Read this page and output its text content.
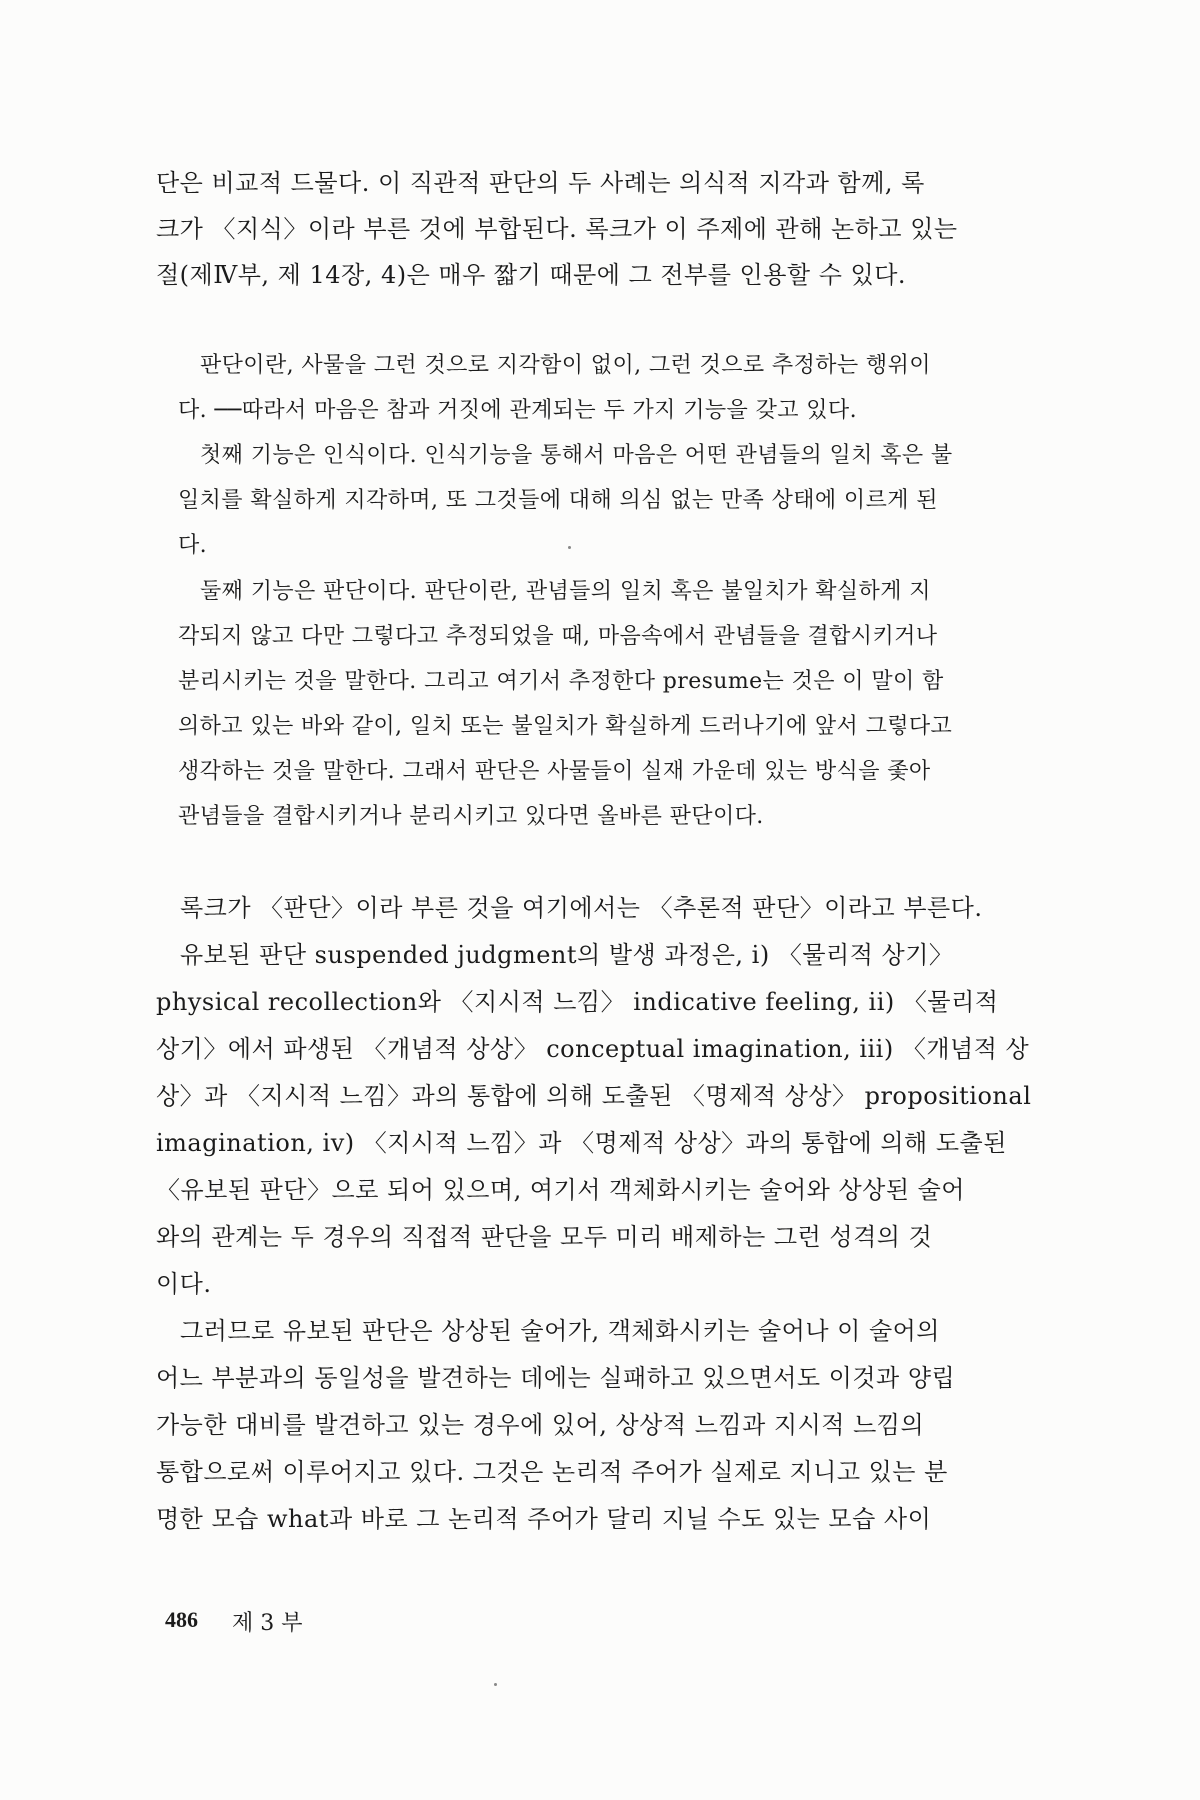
단은 비교적 드물다. 이 직관적 판단의 두 사례는 의식적 지각과 함께, 록
크가 〈지식〉이라 부른 것에 부합된다. 록크가 이 주제에 관해 논하고 있는
절(제Ⅳ부, 제 14장, 4)은 매우 짧기 때문에 그 전부를 인용할 수 있다.
판단이란, 사물을 그런 것으로 지각함이 없이, 그런 것으로 추정하는 행위이
다. ──따라서 마음은 참과 거짓에 관계되는 두 가지 기능을 갖고 있다.
첫째 기능은 인식이다. 인식기능을 통해서 마음은 어떤 관념들의 일치 혹은 불
일치를 확실하게 지각하며, 또 그것들에 대해 의심 없는 만족 상태에 이르게 된
다.
둘째 기능은 판단이다. 판단이란, 관념들의 일치 혹은 불일치가 확실하게 지
각되지 않고 다만 그렇다고 추정되었을 때, 마음속에서 관념들을 결합시키거나
분리시키는 것을 말한다. 그리고 여기서 추정한다 presume는 것은 이 말이 함
의하고 있는 바와 같이, 일치 또는 불일치가 확실하게 드러나기에 앞서 그렇다고
생각하는 것을 말한다. 그래서 판단은 사물들이 실재 가운데 있는 방식을 좇아
관념들을 결합시키거나 분리시키고 있다면 올바른 판단이다.
록크가 〈판단〉이라 부른 것을 여기에서는 〈추론적 판단〉이라고 부른다.
유보된 판단 suspended judgment의 발생 과정은, i) 〈물리적 상기〉
physical recollection와 〈지시적 느낌〉 indicative feeling, ii) 〈물리적
상기〉에서 파생된 〈개념적 상상〉 conceptual imagination, iii) 〈개념적 상
상〉과 〈지시적 느낌〉과의 통합에 의해 도출된 〈명제적 상상〉 propositional
imagination, iv) 〈지시적 느낌〉과 〈명제적 상상〉과의 통합에 의해 도출된
〈유보된 판단〉으로 되어 있으며, 여기서 객체화시키는 술어와 상상된 술어
와의 관계는 두 경우의 직접적 판단을 모두 미리 배제하는 그런 성격의 것
이다.
그러므로 유보된 판단은 상상된 술어가, 객체화시키는 술어나 이 술어의
어느 부분과의 동일성을 발견하는 데에는 실패하고 있으면서도 이것과 양립
가능한 대비를 발견하고 있는 경우에 있어, 상상적 느낌과 지시적 느낌의
통합으로써 이루어지고 있다. 그것은 논리적 주어가 실제로 지니고 있는 분
명한 모습 what과 바로 그 논리적 주어가 달리 지닐 수도 있는 모습 사이
486 제 3 부
